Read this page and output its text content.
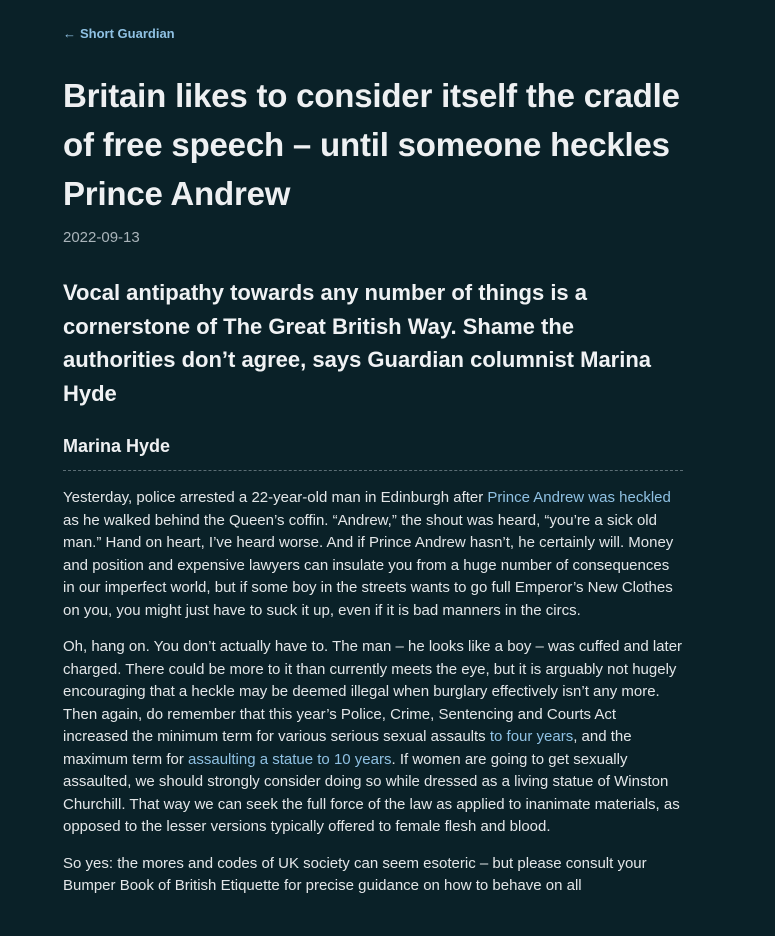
← Short Guardian
Britain likes to consider itself the cradle of free speech – until someone heckles Prince Andrew
2022-09-13
Vocal antipathy towards any number of things is a cornerstone of The Great British Way. Shame the authorities don’t agree, says Guardian columnist Marina Hyde
Marina Hyde

Yesterday, police arrested a 22-year-old man in Edinburgh after Prince Andrew was heckled as he walked behind the Queen’s coffin. “Andrew,” the shout was heard, “you’re a sick old man.” Hand on heart, I’ve heard worse. And if Prince Andrew hasn’t, he certainly will. Money and position and expensive lawyers can insulate you from a huge number of consequences in our imperfect world, but if some boy in the streets wants to go full Emperor’s New Clothes on you, you might just have to suck it up, even if it is bad manners in the circs.

Oh, hang on. You don’t actually have to. The man – he looks like a boy – was cuffed and later charged. There could be more to it than currently meets the eye, but it is arguably not hugely encouraging that a heckle may be deemed illegal when burglary effectively isn’t any more. Then again, do remember that this year’s Police, Crime, Sentencing and Courts Act increased the minimum term for various serious sexual assaults to four years, and the maximum term for assaulting a statue to 10 years. If women are going to get sexually assaulted, we should strongly consider doing so while dressed as a living statue of Winston Churchill. That way we can seek the full force of the law as applied to inanimate materials, as opposed to the lesser versions typically offered to female flesh and blood.

So yes: the mores and codes of UK society can seem esoteric – but please consult your Bumper Book of British Etiquette for precise guidance on how to behave on all
